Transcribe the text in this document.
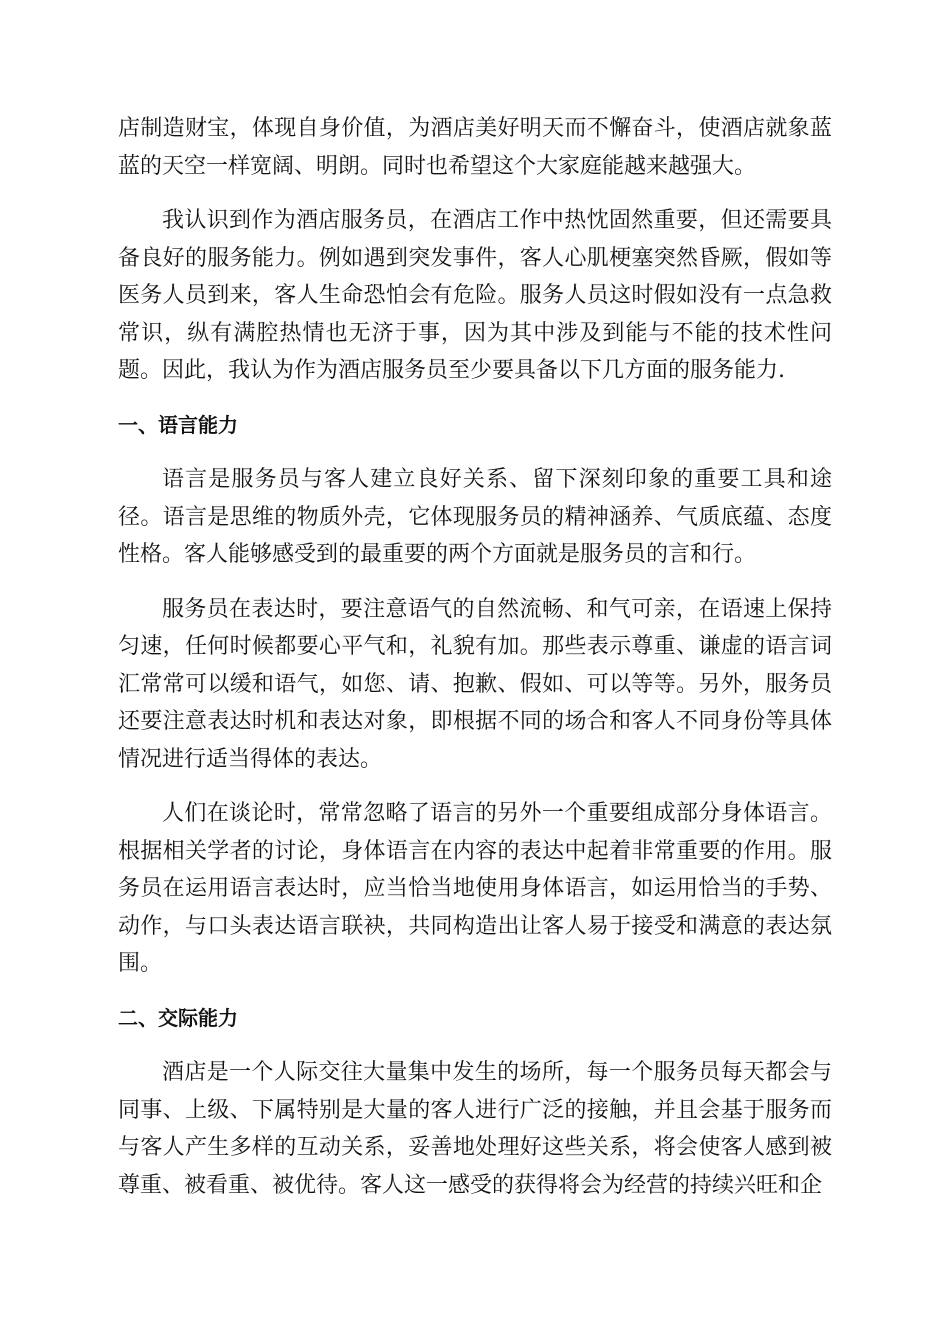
店制造财宝，体现自身价值，为酒店美好明天而不懈奋斗，使酒店就象蓝蓝的天空一样宽阔、明朗。同时也希望这个大家庭能越来越强大。

我认识到作为酒店服务员，在酒店工作中热忱固然重要，但还需要具备良好的服务能力。例如遇到突发事件，客人心肌梗塞突然昏厥，假如等医务人员到来，客人生命恐怕会有危险。服务人员这时假如没有一点急救常识，纵有满腔热情也无济于事，因为其中涉及到能与不能的技术性问题。因此，我认为作为酒店服务员至少要具备以下几方面的服务能力.

一、语言能力

语言是服务员与客人建立良好关系、留下深刻印象的重要工具和途径。语言是思维的物质外壳，它体现服务员的精神涵养、气质底蕴、态度性格。客人能够感受到的最重要的两个方面就是服务员的言和行。

服务员在表达时，要注意语气的自然流畅、和气可亲，在语速上保持匀速，任何时候都要心平气和，礼貌有加。那些表示尊重、谦虚的语言词汇常常可以缓和语气，如您、请、抱歉、假如、可以等等。另外，服务员还要注意表达时机和表达对象，即根据不同的场合和客人不同身份等具体情况进行适当得体的表达。

人们在谈论时，常常忽略了语言的另外一个重要组成部分身体语言。根据相关学者的讨论，身体语言在内容的表达中起着非常重要的作用。服务员在运用语言表达时，应当恰当地使用身体语言，如运用恰当的手势、动作，与口头表达语言联袂，共同构造出让客人易于接受和满意的表达氛围。

二、交际能力

酒店是一个人际交往大量集中发生的场所，每一个服务员每天都会与同事、上级、下属特别是大量的客人进行广泛的接触，并且会基于服务而与客人产生多样的互动关系，妥善地处理好这些关系，将会使客人感到被尊重、被看重、被优待。客人这一感受的获得将会为经营的持续兴旺和企
